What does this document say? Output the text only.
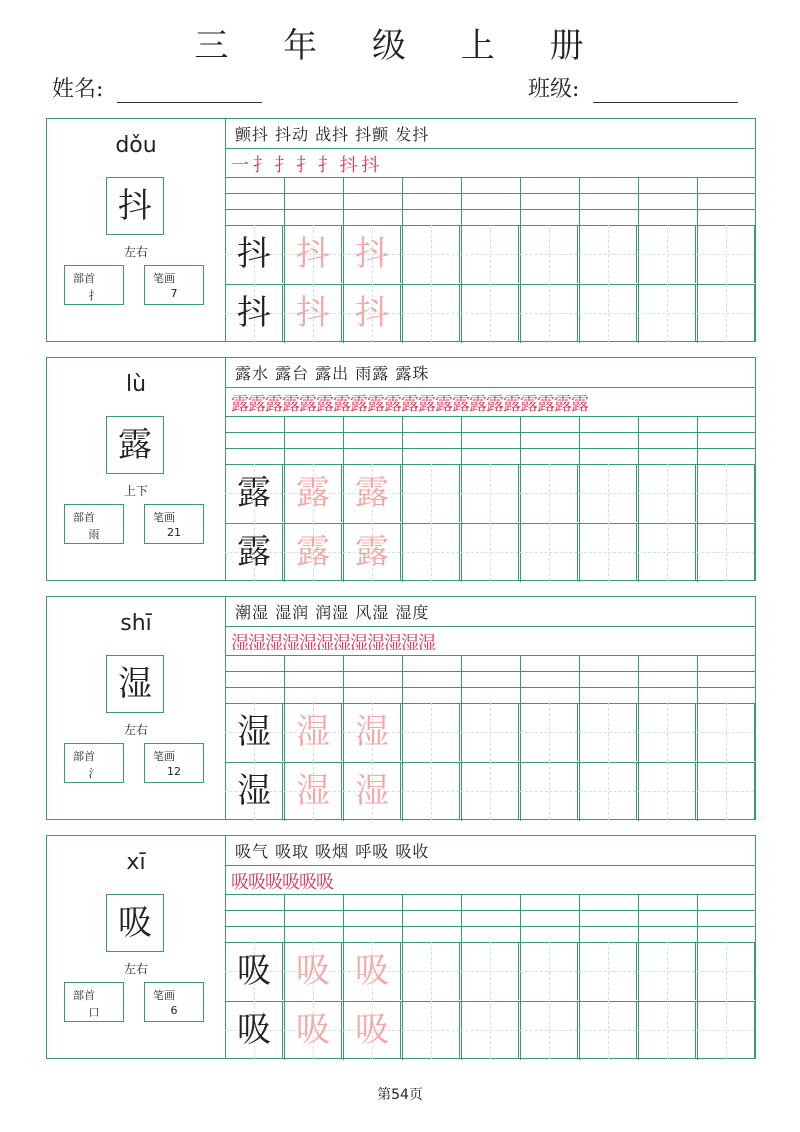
三 年 级 上 册
姓名:	班级:
dǒu
抖
左右
部首
扌
笔画
7
颤抖 抖动 战抖 抖颤 发抖
一 扌 扌 扌 扌 抖 抖
抖 抖 抖
抖 抖 抖
lù
露
上下
部首
雨
笔画
21
露水 露台 露出 雨露 露珠
露露露露露露露露露露露露露露露露露露露露露
露 露 露
露 露 露
shī
湿
左右
部首
氵
笔画
12
潮湿 湿润 润湿 风湿 湿度
湿湿湿湿湿湿湿湿湿湿湿湿
湿 湿 湿
湿 湿 湿
xī
吸
左右
部首
口
笔画
6
吸气 吸取 吸烟 呼吸 吸收
吸吸吸吸吸吸
吸 吸 吸
吸 吸 吸
第54页
